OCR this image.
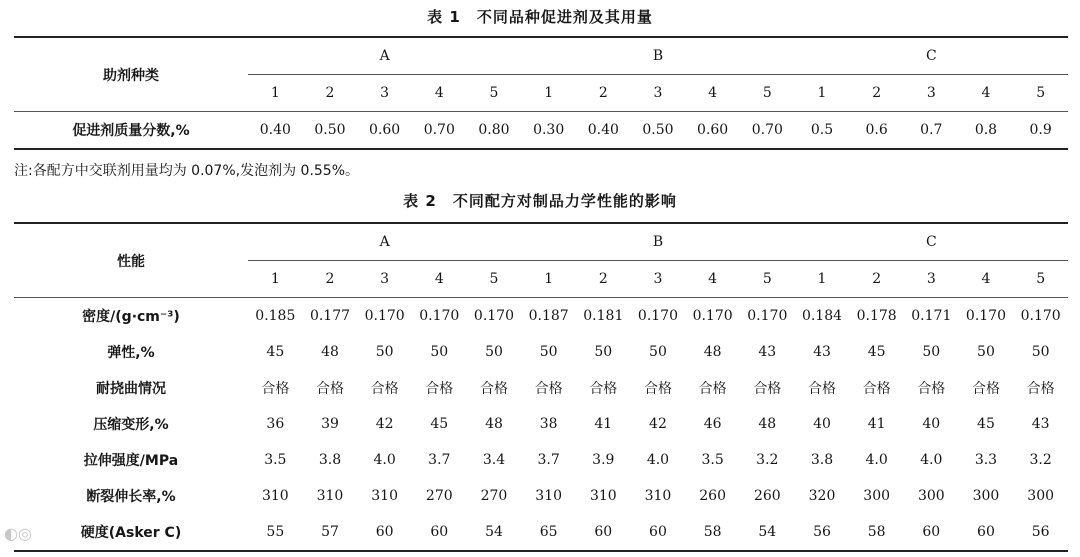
表 1　不同品种促进剂及其用量
助剂种类	A					B					C				
	1	2	3	4	5	1	2	3	4	5	1	2	3	4	5
促进剂质量分数,%	0.40	0.50	0.60	0.70	0.80	0.30	0.40	0.50	0.60	0.70	0.5	0.6	0.7	0.8	0.9
注:各配方中交联剂用量均为 0.07%,发泡剂为 0.55%。
表 2　不同配方对制品力学性能的影响
性能	A					B					C				
	1	2	3	4	5	1	2	3	4	5	1	2	3	4	5
密度/(g·cm⁻³)	0.185	0.177	0.170	0.170	0.170	0.187	0.181	0.170	0.170	0.170	0.184	0.178	0.171	0.170	0.170
弹性,%	45	48	50	50	50	50	50	50	48	43	43	45	50	50	50
耐挠曲情况	合格	合格	合格	合格	合格	合格	合格	合格	合格	合格	合格	合格	合格	合格	合格
压缩变形,%	36	39	42	45	48	38	41	42	46	48	40	41	40	45	43
拉伸强度/MPa	3.5	3.8	4.0	3.7	3.4	3.7	3.9	4.0	3.5	3.2	3.8	4.0	4.0	3.3	3.2
断裂伸长率,%	310	310	310	270	270	310	310	310	260	260	320	300	300	300	300
硬度(Asker C)	55	57	60	60	54	65	60	60	58	54	56	58	60	60	56
◐◎
